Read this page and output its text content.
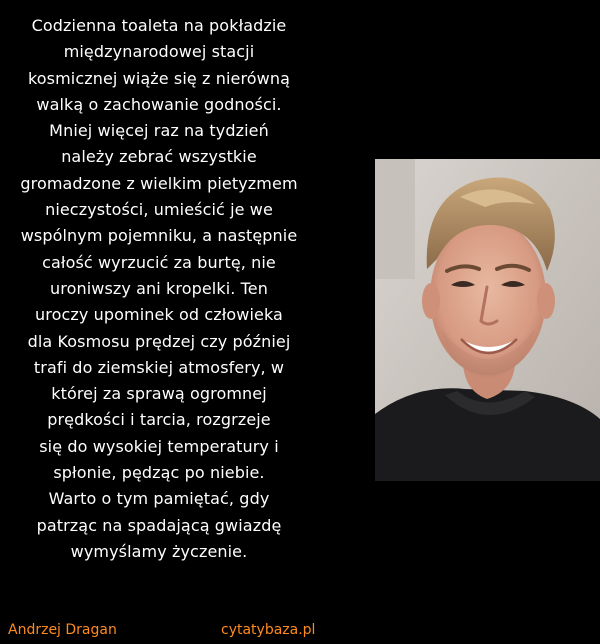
Codzienna toaleta na pokładzie
międzynarodowej stacji
kosmicznej wiąże się z nierówną
walką o zachowanie godności.
Mniej więcej raz na tydzień
należy zebrać wszystkie
gromadzone z wielkim pietyzmem
nieczystości, umieścić je we
wspólnym pojemniku, a następnie
całość wyrzucić za burtę, nie
uroniwszy ani kropelki. Ten
uroczy upominek od człowieka
dla Kosmosu prędzej czy później
trafi do ziemskiej atmosfery, w
której za sprawą ogromnej
prędkości i tarcia, rozgrzeje
się do wysokiej temperatury i
spłonie, pędząc po niebie.
Warto o tym pamiętać, gdy
patrząc na spadającą gwiazdę
wymyślamy życzenie.

Andrzej Dragan	cytatybaza.pl
